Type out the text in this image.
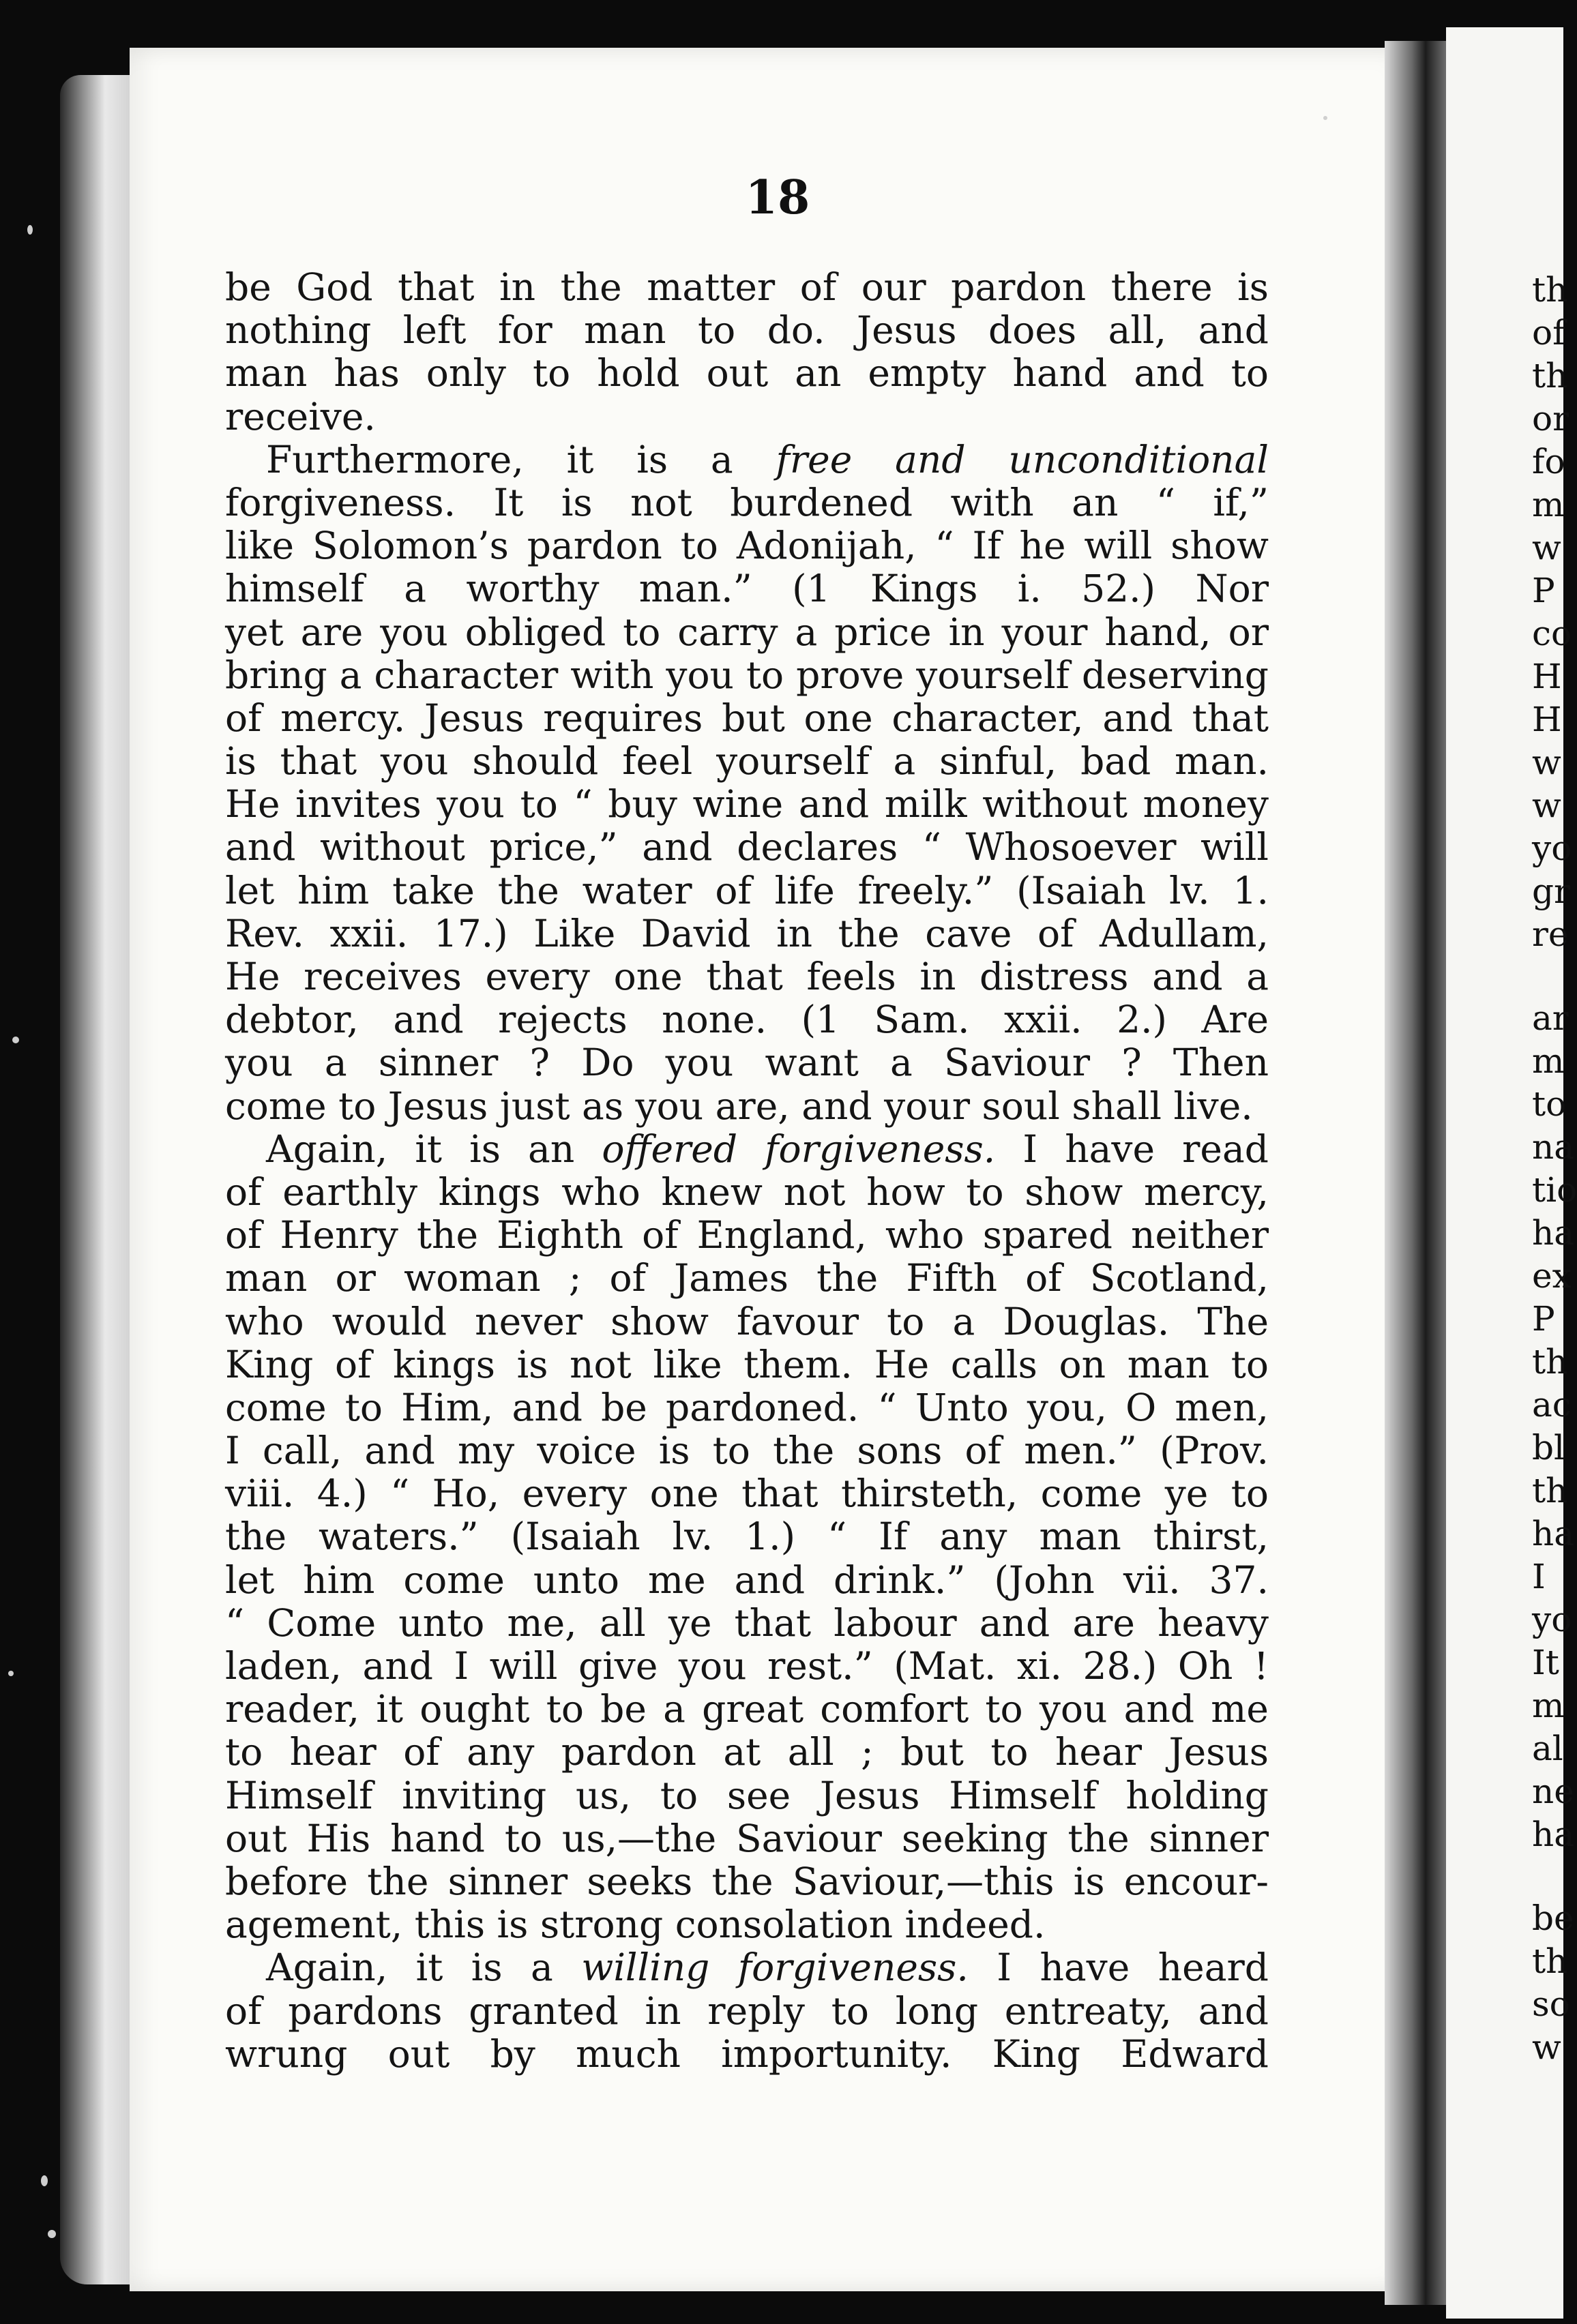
18
be God that in the matter of our pardon there is
nothing left for man to do. Jesus does all, and
man has only to hold out an empty hand and to
receive.
Furthermore, it is a free and unconditional
forgiveness. It is not burdened with an “ if,”
like Solomon’s pardon to Adonijah, “ If he will show
himself a worthy man.” (1 Kings i. 52.) Nor
yet are you obliged to carry a price in your hand, or
bring a character with you to prove yourself deserving
of mercy. Jesus requires but one character, and that
is that you should feel yourself a sinful, bad man.
He invites you to “ buy wine and milk without money
and without price,” and declares “ Whosoever will
let him take the water of life freely.” (Isaiah lv. 1.
Rev. xxii. 17.) Like David in the cave of Adullam,
He receives every one that feels in distress and a
debtor, and rejects none. (1 Sam. xxii. 2.) Are
you a sinner ? Do you want a Saviour ? Then
come to Jesus just as you are, and your soul shall live.
Again, it is an offered forgiveness. I have read
of earthly kings who knew not how to show mercy,
of Henry the Eighth of England, who spared neither
man or woman ; of James the Fifth of Scotland,
who would never show favour to a Douglas. The
King of kings is not like them. He calls on man to
come to Him, and be pardoned. “ Unto you, O men,
I call, and my voice is to the sons of men.” (Prov.
viii. 4.) “ Ho, every one that thirsteth, come ye to
the waters.” (Isaiah lv. 1.) “ If any man thirst,
let him come unto me and drink.” (John vii. 37.
“ Come unto me, all ye that labour and are heavy
laden, and I will give you rest.” (Mat. xi. 28.) Oh !
reader, it ought to be a great comfort to you and me
to hear of any pardon at all ; but to hear Jesus
Himself inviting us, to see Jesus Himself holding
out His hand to us,—the Saviour seeking the sinner
before the sinner seeks the Saviour,—this is encour-
agement, this is strong consolation indeed.
Again, it is a willing forgiveness. I have heard
of pardons granted in reply to long entreaty, and
wrung out by much importunity. King Edward
th
of
th
or
fo
m
w
P
co
H
H
w
w
yo
gr
re
ar
m
to
na
tio
ha
ex
P
th
ac
bl
th
ha
I
yo
It
m
al
ne
ha
be
th
so
w
